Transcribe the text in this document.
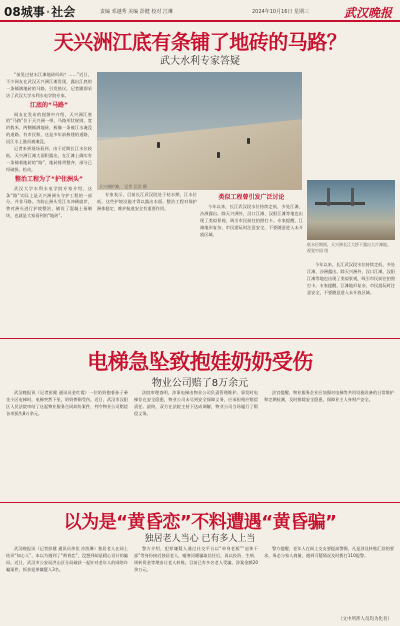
08城事·社会	责编 邓越秀 美编 彭健 校对 江琳	2024年10月16日 星期三	武汉晚报
天兴洲江底有条铺了地砖的马路？
武大水利专家答疑

“前见过枯水江滩地砖吗吗？……”近日，不少网友在武汉天兴洲江滩发现，露出江底的一条铺满地砖的马路，引发热议。记者随即采访了武汉大学水利水电学院专家。

江底的“马路”

网友在发布的视频中介绍，天兴洲江底的“马路”位于天兴洲一带，马路形状规则，宽约数米，两侧铺满地砖，极像一条被江水淹没的道路。有市民称，这是多年前修建的道路，因江水上涨而被淹没。

记者来到现场看到，由于近期长江水位较低，天兴洲江滩大面积露出，在江滩上确实有一条铺着地砖的“路”，地砖排列整齐，部分已经破损、松动。

整治工程为了“护住洲头”

武汉大学水利水电学院专家介绍，这条“路”实际上是天兴洲洲头守护工程的一部分，并非马路。为防止洲头受江水冲刷崩岸，曾对洲头进行护坡整治，铺设了混凝土预制块，也就是大家看到的“地砖”。

天兴洲护滩。 记者 汪洋 摄

专家表示，目前长江武汉段处于枯水期，江水位低，这些护坡设施才得以露出水面。整治工程对保护洲体稳定、维护航道安全有重要作用。

类似工程曾引发广泛讨论

今年以来，长江武汉段水位持续走低，多处江滩、沙洲露出。除天兴洲外，汉口江滩、汉阳江滩等地也出现了类似景观，吸引市民前往拍照打卡。专家提醒，江滩地形复杂，市民游玩时注意安全，不要随意进入未开放区域。

低水位期间，天兴洲长江大桥下露出大片滩地。 视觉中国 图

今年以来，长江武汉段水位持续走低，多处江滩、沙洲露出。除天兴洲外，汉口江滩、汉阳江滩等地也出现了类似景观，吸引市民前往拍照打卡。专家提醒，江滩地形复杂，市民游玩时注意安全，不要随意进入未开放区域。

电梯急坠致抱娃奶奶受伤
物业公司赔了8万余元

武汉晚报讯（记者彭健 通讯员金红霞）一位奶奶抱着孙子乘坐小区电梯时，电梯突然下坠，奶奶摔倒受伤。近日，武汉市汉阳区人民法院审结了这起物业服务合同纠纷案件，判令物业公司赔偿各项损失8万余元。

法院审理查明，涉事电梯由物业公司负责管理维护。事发时电梯存在安全隐患，物业公司未尽到安全保障义务，应承担相应赔偿责任。最终，双方在法院主持下达成调解，物业公司当场履行了赔偿义务。

法官提醒，物业服务企业应加强对电梯等共用设施设备的日常维护和定期检测，及时排除安全隐患，保障业主人身财产安全。

以为是“黄昏恋”不料遭遇“黄昏骗”
独居老人当心 已有多人上当

武汉晚报讯（记者彭健 通讯员余佳 沙凯琳）独居老人在网上结识“知心人”，本以为遇到了“黄昏恋”，没想到却是精心设计的骗局。近日，武汉市公安局洪山区分局破获一起针对老年人的网络诈骗案件，抓获犯罪嫌疑人3名。

警方介绍，犯罪嫌疑人通过社交平台以“单身老板”“退休干部”等身份接近独居老人，嘘寒问暖骗取信任后，再以投资、生病、周转资金等理由让老人转账。目前已有多名老人受骗，涉案金额20余万元。

警方提醒，老年人在网上交友要提高警惕，凡是涉及转账汇款的要求，务必与家人商量，遇到可疑情况及时拨打110报警。

（文中所涉人员均为化名）
